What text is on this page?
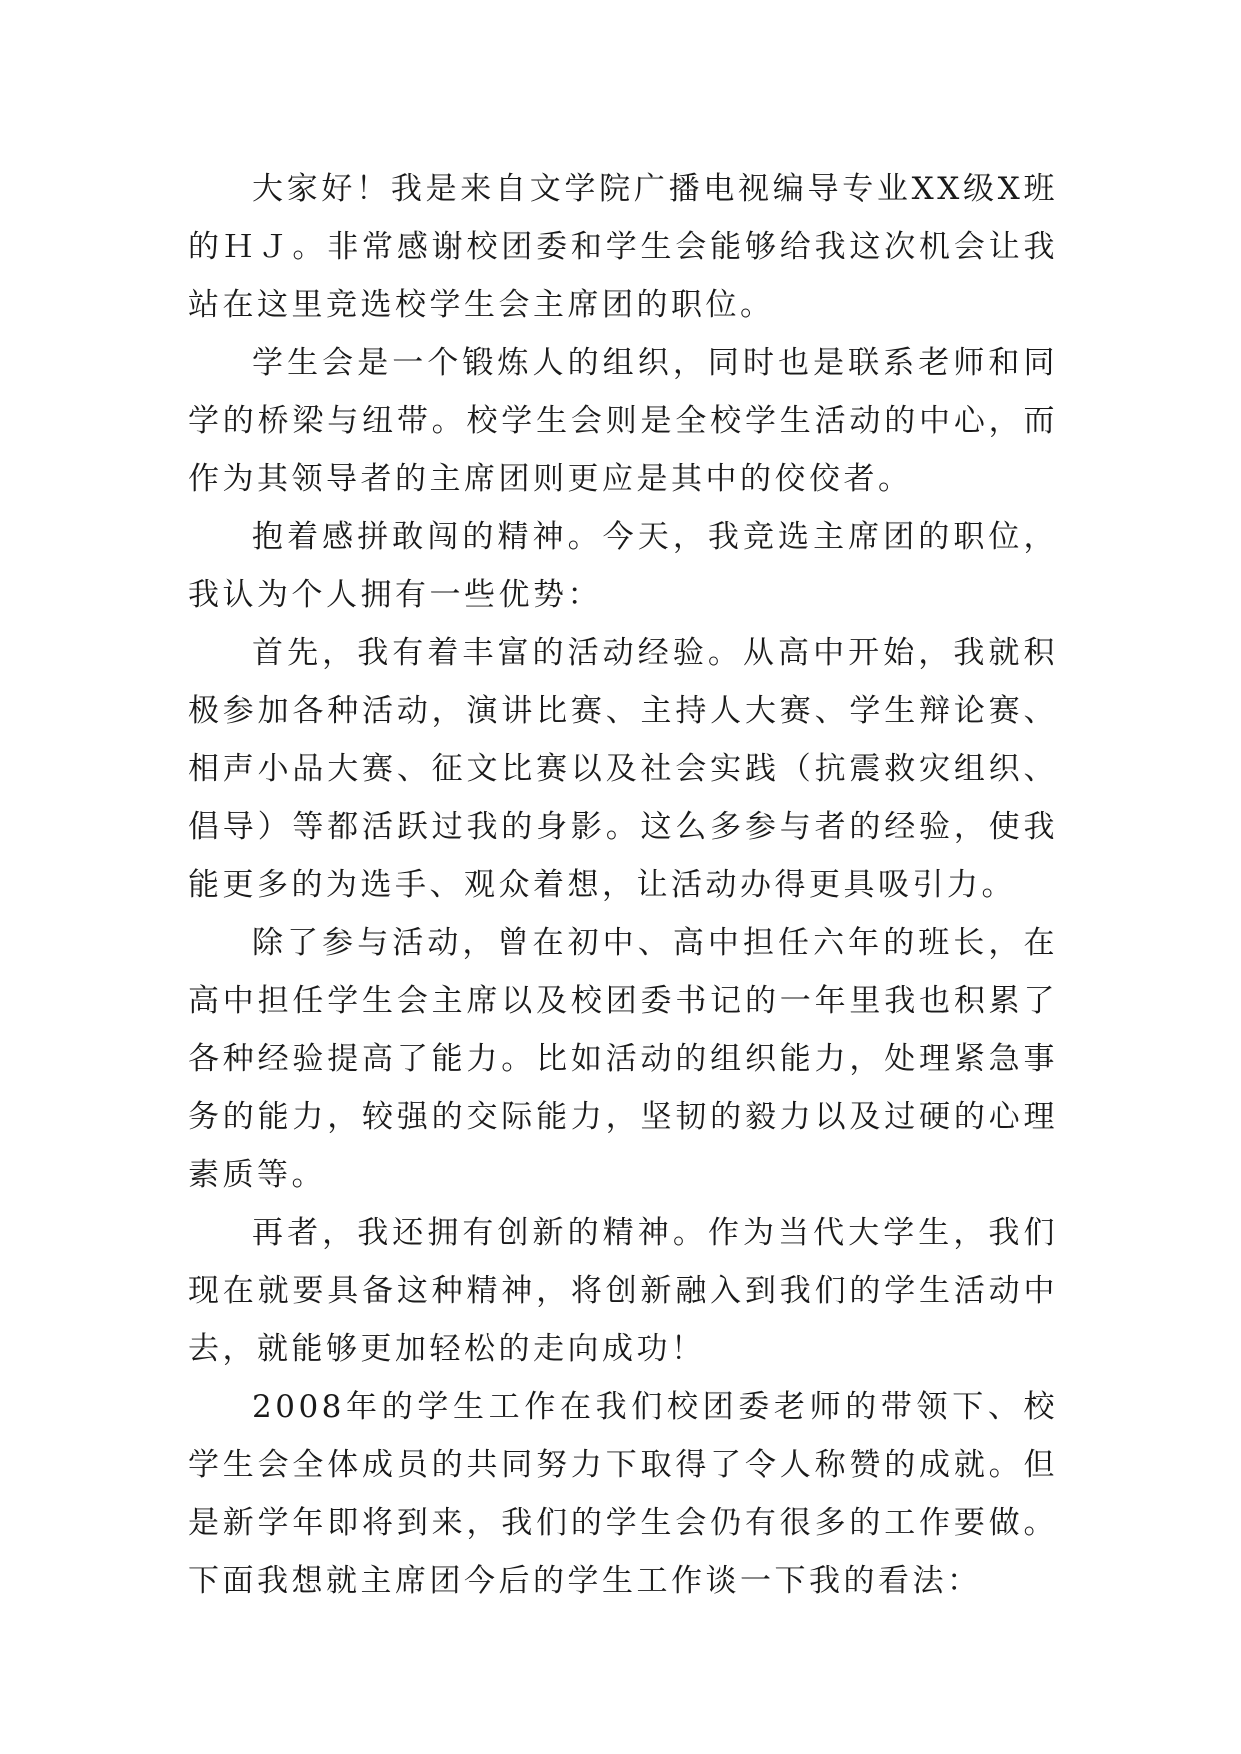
大家好！我是来自文学院广播电视编导专业XX级X班的ＨＪ。非常感谢校团委和学生会能够给我这次机会让我站在这里竞选校学生会主席团的职位。

学生会是一个锻炼人的组织，同时也是联系老师和同学的桥梁与纽带。校学生会则是全校学生活动的中心，而作为其领导者的主席团则更应是其中的佼佼者。

抱着感拼敢闯的精神。今天，我竞选主席团的职位，我认为个人拥有一些优势：

首先，我有着丰富的活动经验。从高中开始，我就积极参加各种活动，演讲比赛、主持人大赛、学生辩论赛、相声小品大赛、征文比赛以及社会实践（抗震救灾组织、倡导）等都活跃过我的身影。这么多参与者的经验，使我能更多的为选手、观众着想，让活动办得更具吸引力。

除了参与活动，曾在初中、高中担任六年的班长，在高中担任学生会主席以及校团委书记的一年里我也积累了各种经验提高了能力。比如活动的组织能力，处理紧急事务的能力，较强的交际能力，坚韧的毅力以及过硬的心理素质等。

再者，我还拥有创新的精神。作为当代大学生，我们现在就要具备这种精神，将创新融入到我们的学生活动中去，就能够更加轻松的走向成功！

2008年的学生工作在我们校团委老师的带领下、校学生会全体成员的共同努力下取得了令人称赞的成就。但是新学年即将到来，我们的学生会仍有很多的工作要做。下面我想就主席团今后的学生工作谈一下我的看法：
